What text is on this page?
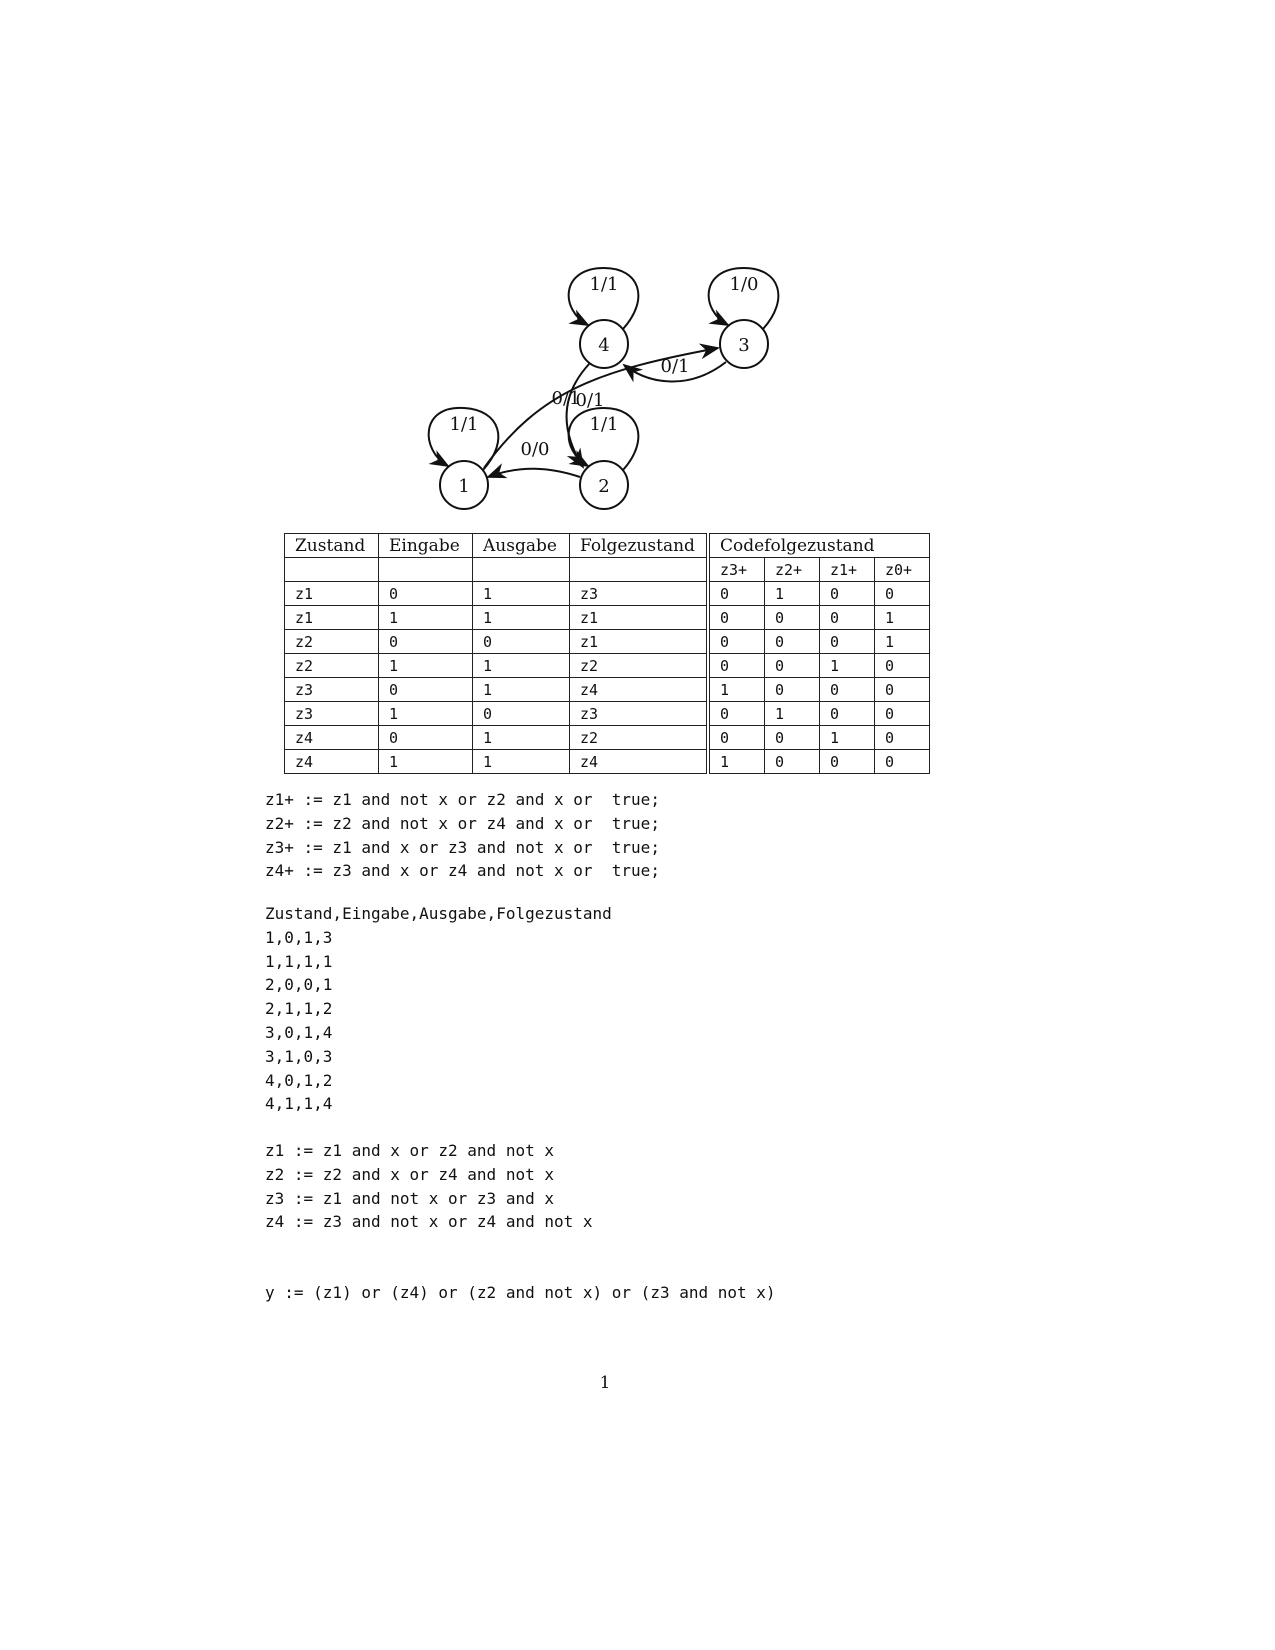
1	2
3
4
1/1	1/1
1/0
1/1
0/1
0/1
0/1
0/0
Zustand	Eingabe	Ausgabe	Folgezustand	Codefolgezustand			
				z3+	z2+	z1+	z0+
z1	0	1	z3	0	1	0	0
z1	1	1	z1	0	0	0	1
z2	0	0	z1	0	0	0	1
z2	1	1	z2	0	0	1	0
z3	0	1	z4	1	0	0	0
z3	1	0	z3	0	1	0	0
z4	0	1	z2	0	0	1	0
z4	1	1	z4	1	0	0	0
z1+ := z1 and not x or z2 and x or  true;
z2+ := z2 and not x or z4 and x or  true;
z3+ := z1 and x or z3 and not x or  true;
z4+ := z3 and x or z4 and not x or  true;
Zustand,Eingabe,Ausgabe,Folgezustand
1,0,1,3
1,1,1,1
2,0,0,1
2,1,1,2
3,0,1,4
3,1,0,3
4,0,1,2
4,1,1,4
z1 := z1 and x or z2 and not x
z2 := z2 and x or z4 and not x
z3 := z1 and not x or z3 and x
z4 := z3 and not x or z4 and not x
y := (z1) or (z4) or (z2 and not x) or (z3 and not x)
1
